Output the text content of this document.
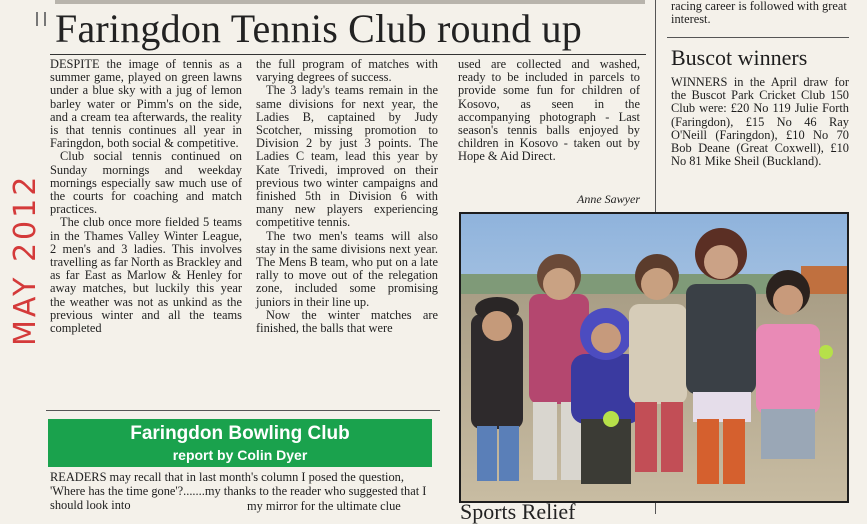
Faringdon Tennis Club round up
MAY 2012

DESPITE the image of tennis as a summer game, played on green lawns under a blue sky with a jug of lemon barley water or Pimm's on the side, and a cream tea afterwards, the reality is that tennis continues all year in Faringdon, both social & competitive.

Club social tennis continued on Sunday mornings and weekday mornings especially saw much use of the courts for coaching and match practices.

The club once more fielded 5 teams in the Thames Valley Winter League, 2 men's and 3 ladies. This involves travelling as far North as Brackley and as far East as Marlow & Henley for away matches, but luckily this year the weather was not as unkind as the previous winter and all the teams completed

the full program of matches with varying degrees of success.

The 3 lady's teams remain in the same divisions for next year, the Ladies B, captained by Judy Scotcher, missing promotion to Division 2 by just 3 points. The Ladies C team, lead this year by Kate Trivedi, improved on their previous two winter campaigns and finished 5th in Division 6 with many new players experiencing competitive tennis.

The two men's teams will also stay in the same divisions next year. The Mens B team, who put on a late rally to move out of the relegation zone, included some promising juniors in their line up.

Now the winter matches are finished, the balls that were

used are collected and washed, ready to be included in parcels to provide some fun for children of Kosovo, as seen in the accompanying photograph - Last season's tennis balls enjoyed by children in Kosovo - taken out by Hope & Aid Direct.

Anne Sawyer
racing career is followed with great interest.
Buscot winners
WINNERS in the April draw for the Buscot Park Cricket Club 150 Club were: £20 No 119 Julie Forth (Faringdon), £15 No 46 Ray O'Neill (Faringdon), £10 No 70 Bob Deane (Great Coxwell), £10 No 81 Mike Sheil (Buckland).
Faringdon Bowling Club
report by Colin Dyer
READERS may recall that in last month's column I posed the question, 'Where has the time gone'?.......my thanks to the reader who suggested that I should look into	my mirror for the ultimate clue	Sports Relief
